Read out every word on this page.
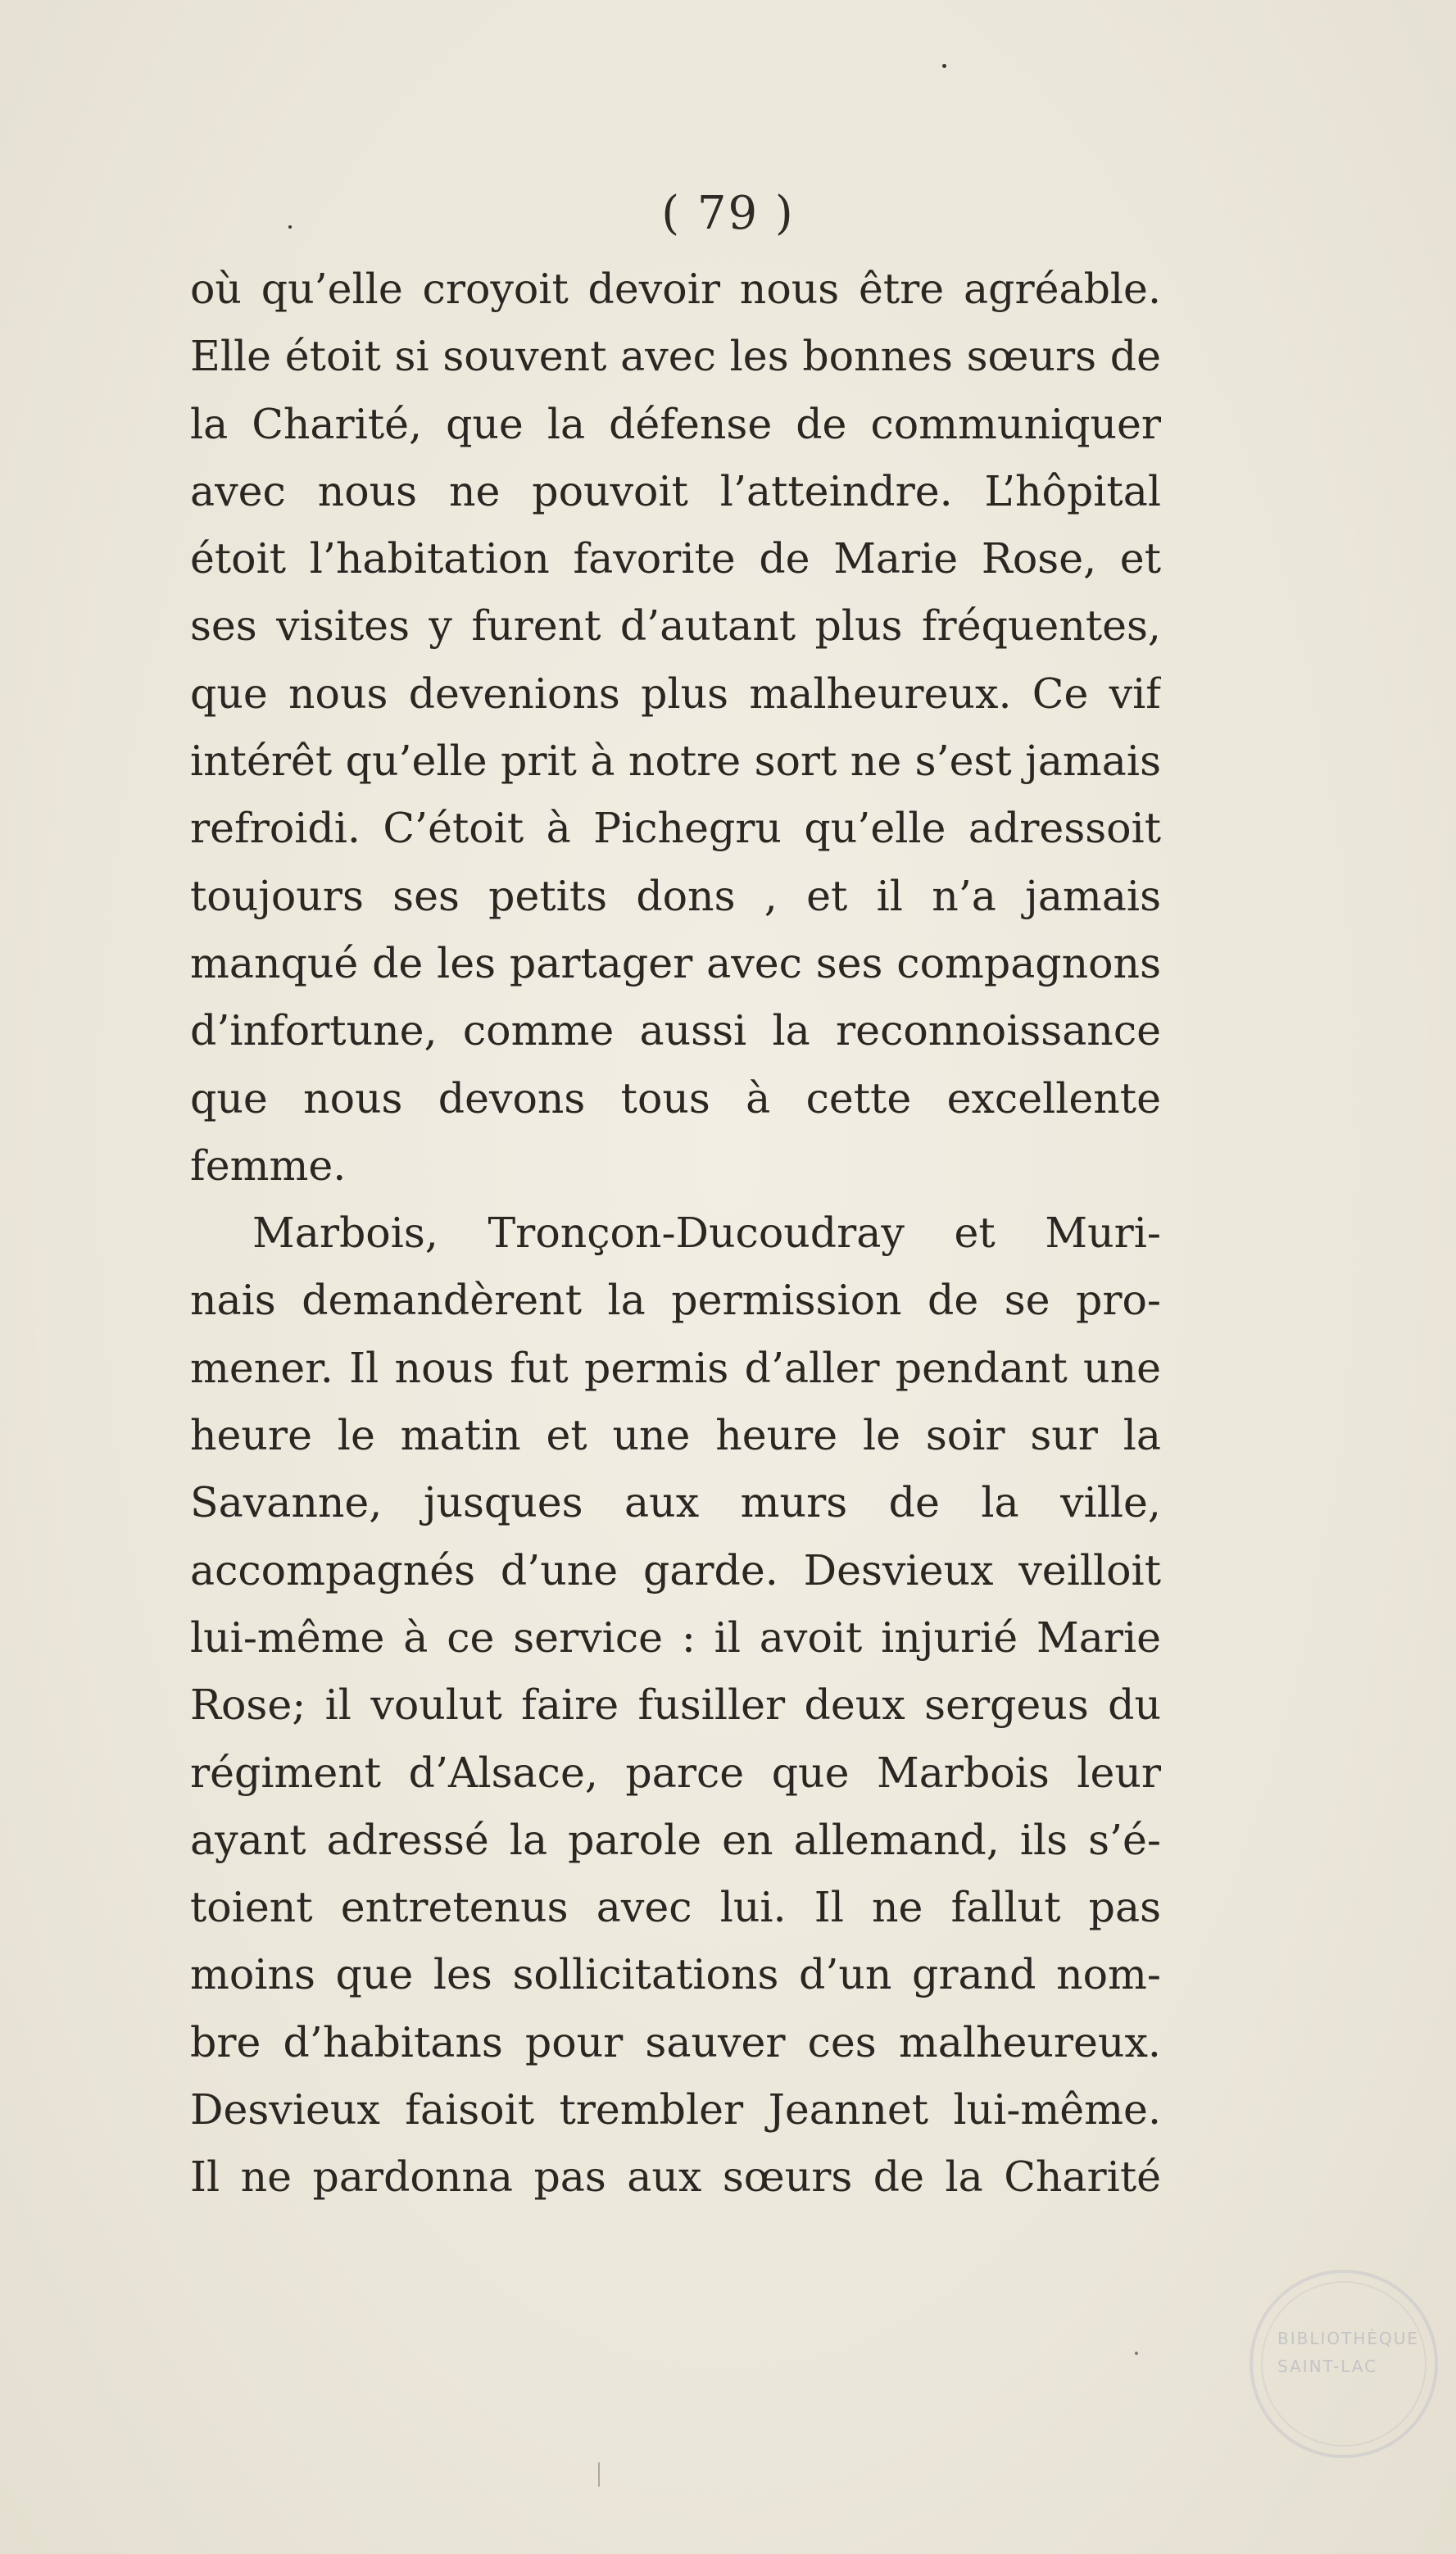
( 79 )
où qu’elle croyoit devoir nous être agréable.
Elle étoit si souvent avec les bonnes sœurs de
la Charité, que la défense de communiquer
avec nous ne pouvoit l’atteindre. L’hôpital
étoit l’habitation favorite de Marie Rose, et
ses visites y furent d’autant plus fréquentes,
que nous devenions plus malheureux. Ce vif
intérêt qu’elle prit à notre sort ne s’est jamais
refroidi. C’étoit à Pichegru qu’elle adressoit
toujours ses petits dons , et il n’a jamais
manqué de les partager avec ses compagnons
d’infortune, comme aussi la reconnoissance
que nous devons tous à cette excellente
femme.
Marbois, Tronçon-Ducoudray et Muri-
nais demandèrent la permission de se pro-
mener. Il nous fut permis d’aller pendant une
heure le matin et une heure le soir sur la
Savanne, jusques aux murs de la ville,
accompagnés d’une garde. Desvieux veilloit
lui-même à ce service : il avoit injurié Marie
Rose; il voulut faire fusiller deux sergeus du
régiment d’Alsace, parce que Marbois leur
ayant adressé la parole en allemand, ils s’é-
toient entretenus avec lui. Il ne fallut pas
moins que les sollicitations d’un grand nom-
bre d’habitans pour sauver ces malheureux.
Desvieux faisoit trembler Jeannet lui-même.
Il ne pardonna pas aux sœurs de la Charité
BIBLIOTHÈQUE
SAINT-LAC
